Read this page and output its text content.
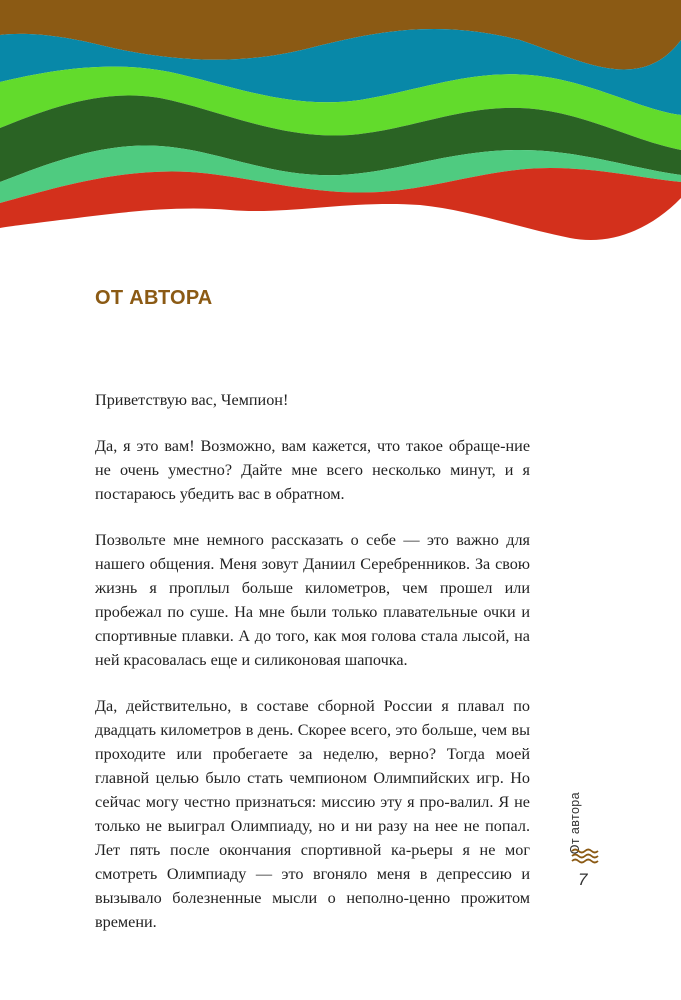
ОТ АВТОРА

Приветствую вас, Чемпион!

Да, я это вам! Возможно, вам кажется, что такое обраще-ние не очень уместно? Дайте мне всего несколько минут, и я постараюсь убедить вас в обратном.

Позвольте мне немного рассказать о себе — это важно для нашего общения. Меня зовут Даниил Серебренников. За свою жизнь я проплыл больше километров, чем прошел или пробежал по суше. На мне были только плавательные очки и спортивные плавки. А до того, как моя голова стала лысой, на ней красовалась еще и силиконовая шапочка.

Да, действительно, в составе сборной России я плавал по двадцать километров в день. Скорее всего, это больше, чем вы проходите или пробегаете за неделю, верно? Тогда моей главной целью было стать чемпионом Олимпийских игр. Но сейчас могу честно признаться: миссию эту я про-валил. Я не только не выиграл Олимпиаду, но и ни разу на нее не попал. Лет пять после окончания спортивной ка-рьеры я не мог смотреть Олимпиаду — это вгоняло меня в депрессию и вызывало болезненные мысли о неполно-ценно прожитом времени.

От автора
7
